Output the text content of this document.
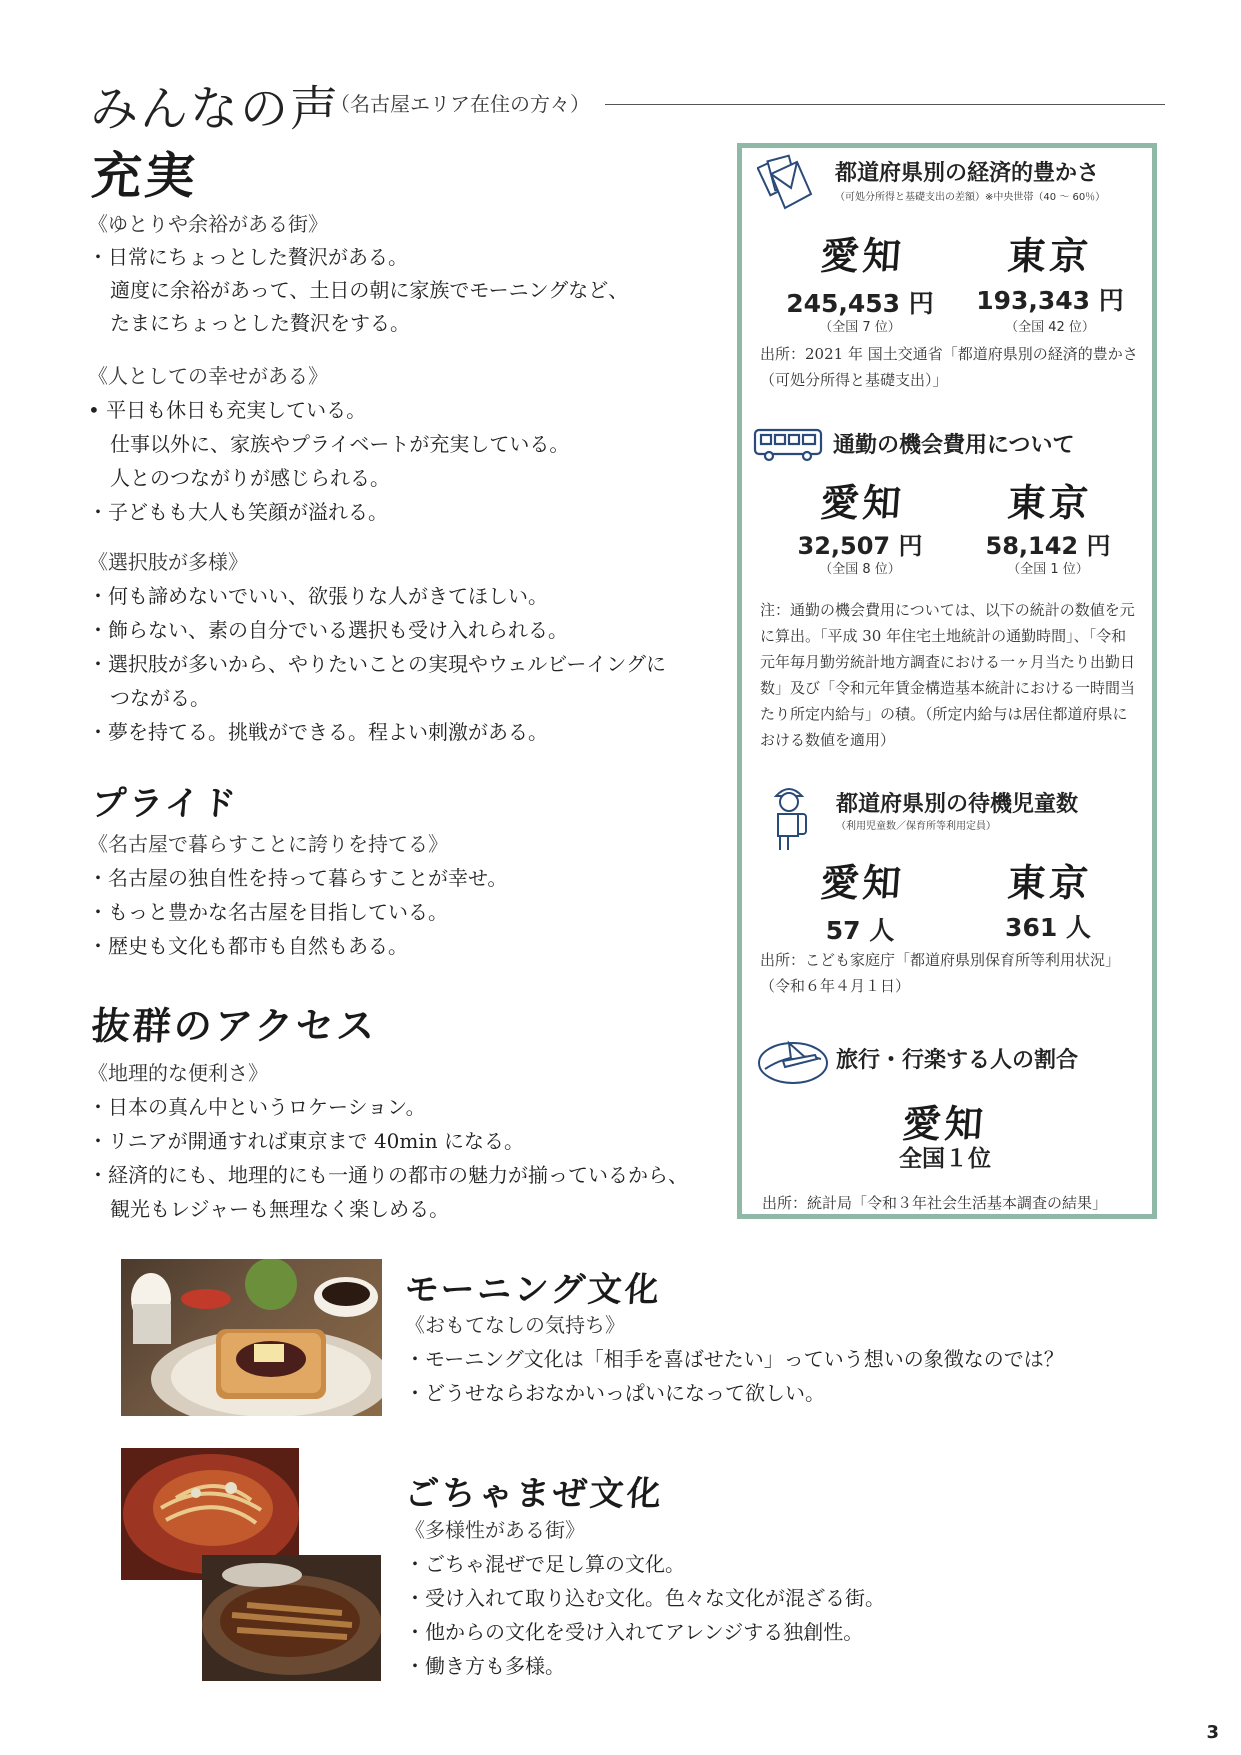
みんなの声
（名古屋エリア在住の方々）
充実
《ゆとりや余裕がある街》
・日常にちょっとした贅沢がある。
適度に余裕があって、土日の朝に家族でモーニングなど、
たまにちょっとした贅沢をする。
《人としての幸せがある》
• 平日も休日も充実している。
仕事以外に、家族やプライベートが充実している。
人とのつながりが感じられる。
・子どもも大人も笑顔が溢れる。
《選択肢が多様》
・何も諦めないでいい、欲張りな人がきてほしい。
・飾らない、素の自分でいる選択も受け入れられる。
・選択肢が多いから、やりたいことの実現やウェルビーイングに
つながる。
・夢を持てる。挑戦ができる。程よい刺激がある。
プライド
《名古屋で暮らすことに誇りを持てる》
・名古屋の独自性を持って暮らすことが幸せ。
・もっと豊かな名古屋を目指している。
・歴史も文化も都市も自然もある。
抜群のアクセス
《地理的な便利さ》
・日本の真ん中というロケーション。
・リニアが開通すれば東京まで 40min になる。
・経済的にも、地理的にも一通りの都市の魅力が揃っているから、
観光もレジャーも無理なく楽しめる。
モーニング文化
《おもてなしの気持ち》
・モーニング文化は「相手を喜ばせたい」っていう想いの象徴なのでは？
・どうせならおなかいっぱいになって欲しい。
ごちゃまぜ文化
《多様性がある街》
・ごちゃ混ぜで足し算の文化。
・受け入れて取り込む文化。色々な文化が混ざる街。
・他からの文化を受け入れてアレンジする独創性。
・働き方も多様。
都道府県別の経済的豊かさ
（可処分所得と基礎支出の差額）※中央世帯（40 ～ 60％）
愛知	東京
245,453 円	193,343 円
（全国 7 位）	（全国 42 位）
出所：2021 年 国土交通省「都道府県別の経済的豊かさ
（可処分所得と基礎支出）」
通勤の機会費用について
愛知	東京
32,507 円	58,142 円
（全国 8 位）	（全国 1 位）
注：通勤の機会費用については、以下の統計の数値を元
に算出。「平成 30 年住宅土地統計の通勤時間」、「令和
元年毎月勤労統計地方調査における一ヶ月当たり出勤日
数」及び「令和元年賃金構造基本統計における一時間当
たり所定内給与」の積。（所定内給与は居住都道府県に
おける数値を適用）
都道府県別の待機児童数
（利用児童数／保育所等利用定員）
愛知	東京
57 人	361 人
出所：こども家庭庁「都道府県別保育所等利用状況」
（令和６年４月１日）
旅行・行楽する人の割合
愛知
全国１位
出所：統計局「令和３年社会生活基本調査の結果」
3
